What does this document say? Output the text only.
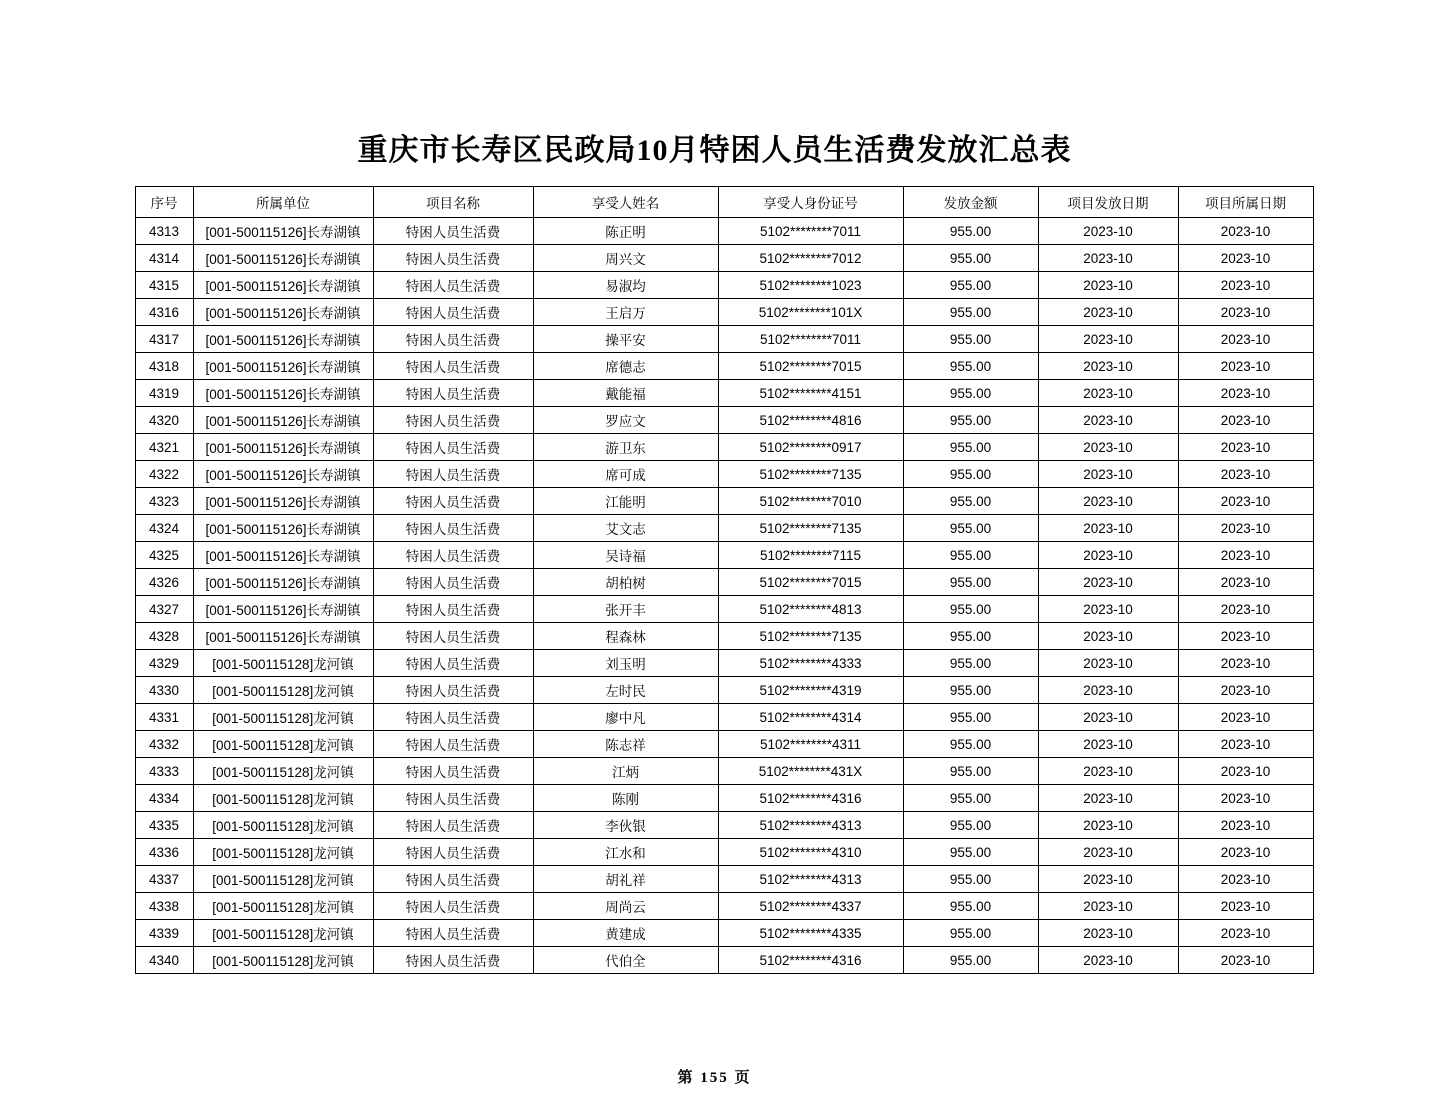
重庆市长寿区民政局10月特困人员生活费发放汇总表
序号	所属单位	项目名称	享受人姓名	享受人身份证号	发放金额	项目发放日期	项目所属日期
4313	[001-500115126]长寿湖镇	特困人员生活费	陈正明	5102********7011	955.00	2023-10	2023-10
4314	[001-500115126]长寿湖镇	特困人员生活费	周兴文	5102********7012	955.00	2023-10	2023-10
4315	[001-500115126]长寿湖镇	特困人员生活费	易淑均	5102********1023	955.00	2023-10	2023-10
4316	[001-500115126]长寿湖镇	特困人员生活费	王启万	5102********101X	955.00	2023-10	2023-10
4317	[001-500115126]长寿湖镇	特困人员生活费	操平安	5102********7011	955.00	2023-10	2023-10
4318	[001-500115126]长寿湖镇	特困人员生活费	席德志	5102********7015	955.00	2023-10	2023-10
4319	[001-500115126]长寿湖镇	特困人员生活费	戴能福	5102********4151	955.00	2023-10	2023-10
4320	[001-500115126]长寿湖镇	特困人员生活费	罗应文	5102********4816	955.00	2023-10	2023-10
4321	[001-500115126]长寿湖镇	特困人员生活费	游卫东	5102********0917	955.00	2023-10	2023-10
4322	[001-500115126]长寿湖镇	特困人员生活费	席可成	5102********7135	955.00	2023-10	2023-10
4323	[001-500115126]长寿湖镇	特困人员生活费	江能明	5102********7010	955.00	2023-10	2023-10
4324	[001-500115126]长寿湖镇	特困人员生活费	艾文志	5102********7135	955.00	2023-10	2023-10
4325	[001-500115126]长寿湖镇	特困人员生活费	吴诗福	5102********7115	955.00	2023-10	2023-10
4326	[001-500115126]长寿湖镇	特困人员生活费	胡柏树	5102********7015	955.00	2023-10	2023-10
4327	[001-500115126]长寿湖镇	特困人员生活费	张开丰	5102********4813	955.00	2023-10	2023-10
4328	[001-500115126]长寿湖镇	特困人员生活费	程森林	5102********7135	955.00	2023-10	2023-10
4329	[001-500115128]龙河镇	特困人员生活费	刘玉明	5102********4333	955.00	2023-10	2023-10
4330	[001-500115128]龙河镇	特困人员生活费	左时民	5102********4319	955.00	2023-10	2023-10
4331	[001-500115128]龙河镇	特困人员生活费	廖中凡	5102********4314	955.00	2023-10	2023-10
4332	[001-500115128]龙河镇	特困人员生活费	陈志祥	5102********4311	955.00	2023-10	2023-10
4333	[001-500115128]龙河镇	特困人员生活费	江炳	5102********431X	955.00	2023-10	2023-10
4334	[001-500115128]龙河镇	特困人员生活费	陈刚	5102********4316	955.00	2023-10	2023-10
4335	[001-500115128]龙河镇	特困人员生活费	李伙银	5102********4313	955.00	2023-10	2023-10
4336	[001-500115128]龙河镇	特困人员生活费	江水和	5102********4310	955.00	2023-10	2023-10
4337	[001-500115128]龙河镇	特困人员生活费	胡礼祥	5102********4313	955.00	2023-10	2023-10
4338	[001-500115128]龙河镇	特困人员生活费	周尚云	5102********4337	955.00	2023-10	2023-10
4339	[001-500115128]龙河镇	特困人员生活费	黄建成	5102********4335	955.00	2023-10	2023-10
4340	[001-500115128]龙河镇	特困人员生活费	代伯全	5102********4316	955.00	2023-10	2023-10
第 155 页
